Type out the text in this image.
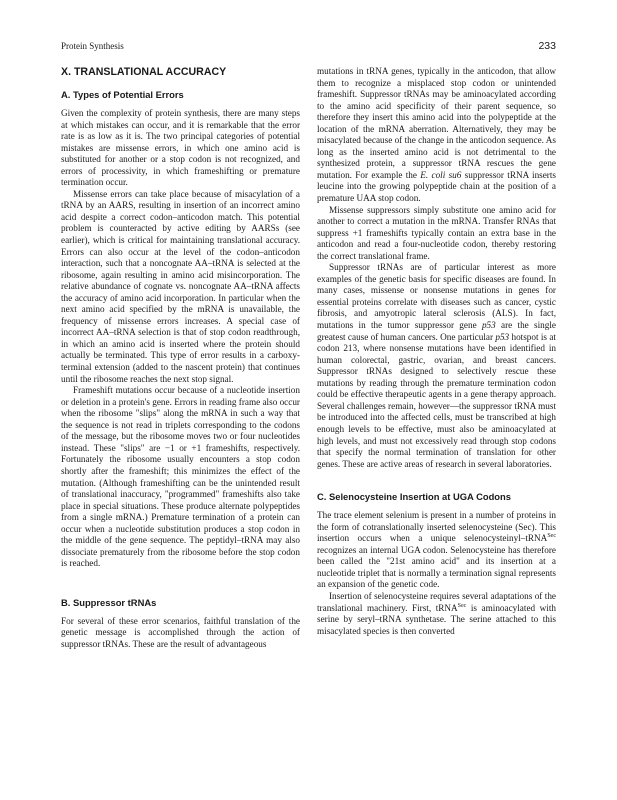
Protein Synthesis	233
X. TRANSLATIONAL ACCURACY
A. Types of Potential Errors

Given the complexity of protein synthesis, there are many steps at which mistakes can occur, and it is remarkable that the error rate is as low as it is. The two principal categories of potential mistakes are missense errors, in which one amino acid is substituted for another or a stop codon is not recognized, and errors of processivity, in which frameshifting or premature termination occur.

Missense errors can take place because of misacylation of a tRNA by an AARS, resulting in insertion of an incorrect amino acid despite a correct codon–anticodon match. This potential problem is counteracted by active editing by AARSs (see earlier), which is critical for maintaining translational accuracy. Errors can also occur at the level of the codon–anticodon interaction, such that a noncognate AA–tRNA is selected at the ribosome, again resulting in amino acid misincorporation. The relative abundance of cognate vs. noncognate AA–tRNA affects the accuracy of amino acid incorporation. In particular when the next amino acid specified by the mRNA is unavailable, the frequency of missense errors increases. A special case of incorrect AA–tRNA selection is that of stop codon readthrough, in which an amino acid is inserted where the protein should actually be terminated. This type of error results in a carboxy-terminal extension (added to the nascent protein) that continues until the ribosome reaches the next stop signal.

Frameshift mutations occur because of a nucleotide insertion or deletion in a protein's gene. Errors in reading frame also occur when the ribosome "slips" along the mRNA in such a way that the sequence is not read in triplets corresponding to the codons of the message, but the ribosome moves two or four nucleotides instead. These "slips" are −1 or +1 frameshifts, respectively. Fortunately the ribosome usually encounters a stop codon shortly after the frameshift; this minimizes the effect of the mutation. (Although frameshifting can be the unintended result of translational inaccuracy, "programmed" frameshifts also take place in special situations. These produce alternate polypeptides from a single mRNA.) Premature termination of a protein can occur when a nucleotide substitution produces a stop codon in the middle of the gene sequence. The peptidyl–tRNA may also dissociate prematurely from the ribosome before the stop codon is reached.

B. Suppressor tRNAs

For several of these error scenarios, faithful translation of the genetic message is accomplished through the action of suppressor tRNAs. These are the result of advantageous

mutations in tRNA genes, typically in the anticodon, that allow them to recognize a misplaced stop codon or unintended frameshift. Suppressor tRNAs may be aminoacylated according to the amino acid specificity of their parent sequence, so therefore they insert this amino acid into the polypeptide at the location of the mRNA aberration. Alternatively, they may be misacylated because of the change in the anticodon sequence. As long as the inserted amino acid is not detrimental to the synthesized protein, a suppressor tRNA rescues the gene mutation. For example the E. coli su6 suppressor tRNA inserts leucine into the growing polypeptide chain at the position of a premature UAA stop codon.

Missense suppressors simply substitute one amino acid for another to correct a mutation in the mRNA. Transfer RNAs that suppress +1 frameshifts typically contain an extra base in the anticodon and read a four-nucleotide codon, thereby restoring the correct translational frame.

Suppressor tRNAs are of particular interest as more examples of the genetic basis for specific diseases are found. In many cases, missense or nonsense mutations in genes for essential proteins correlate with diseases such as cancer, cystic fibrosis, and amyotropic lateral sclerosis (ALS). In fact, mutations in the tumor suppressor gene p53 are the single greatest cause of human cancers. One particular p53 hotspot is at codon 213, where nonsense mutations have been identified in human colorectal, gastric, ovarian, and breast cancers. Suppressor tRNAs designed to selectively rescue these mutations by reading through the premature termination codon could be effective therapeutic agents in a gene therapy approach. Several challenges remain, however—the suppressor tRNA must be introduced into the affected cells, must be transcribed at high enough levels to be effective, must also be aminoacylated at high levels, and must not excessively read through stop codons that specify the normal termination of translation for other genes. These are active areas of research in several laboratories.

C. Selenocysteine Insertion at UGA Codons

The trace element selenium is present in a number of proteins in the form of cotranslationally inserted selenocysteine (Sec). This insertion occurs when a unique selenocysteinyl–tRNA$^{Sec}$ recognizes an internal UGA codon. Selenocysteine has therefore been called the "21st amino acid" and its insertion at a nucleotide triplet that is normally a termination signal represents an expansion of the genetic code.

Insertion of selenocysteine requires several adaptations of the translational machinery. First, tRNA$^{Sec}$ is aminoacylated with serine by seryl–tRNA synthetase. The serine attached to this misacylated species is then converted
